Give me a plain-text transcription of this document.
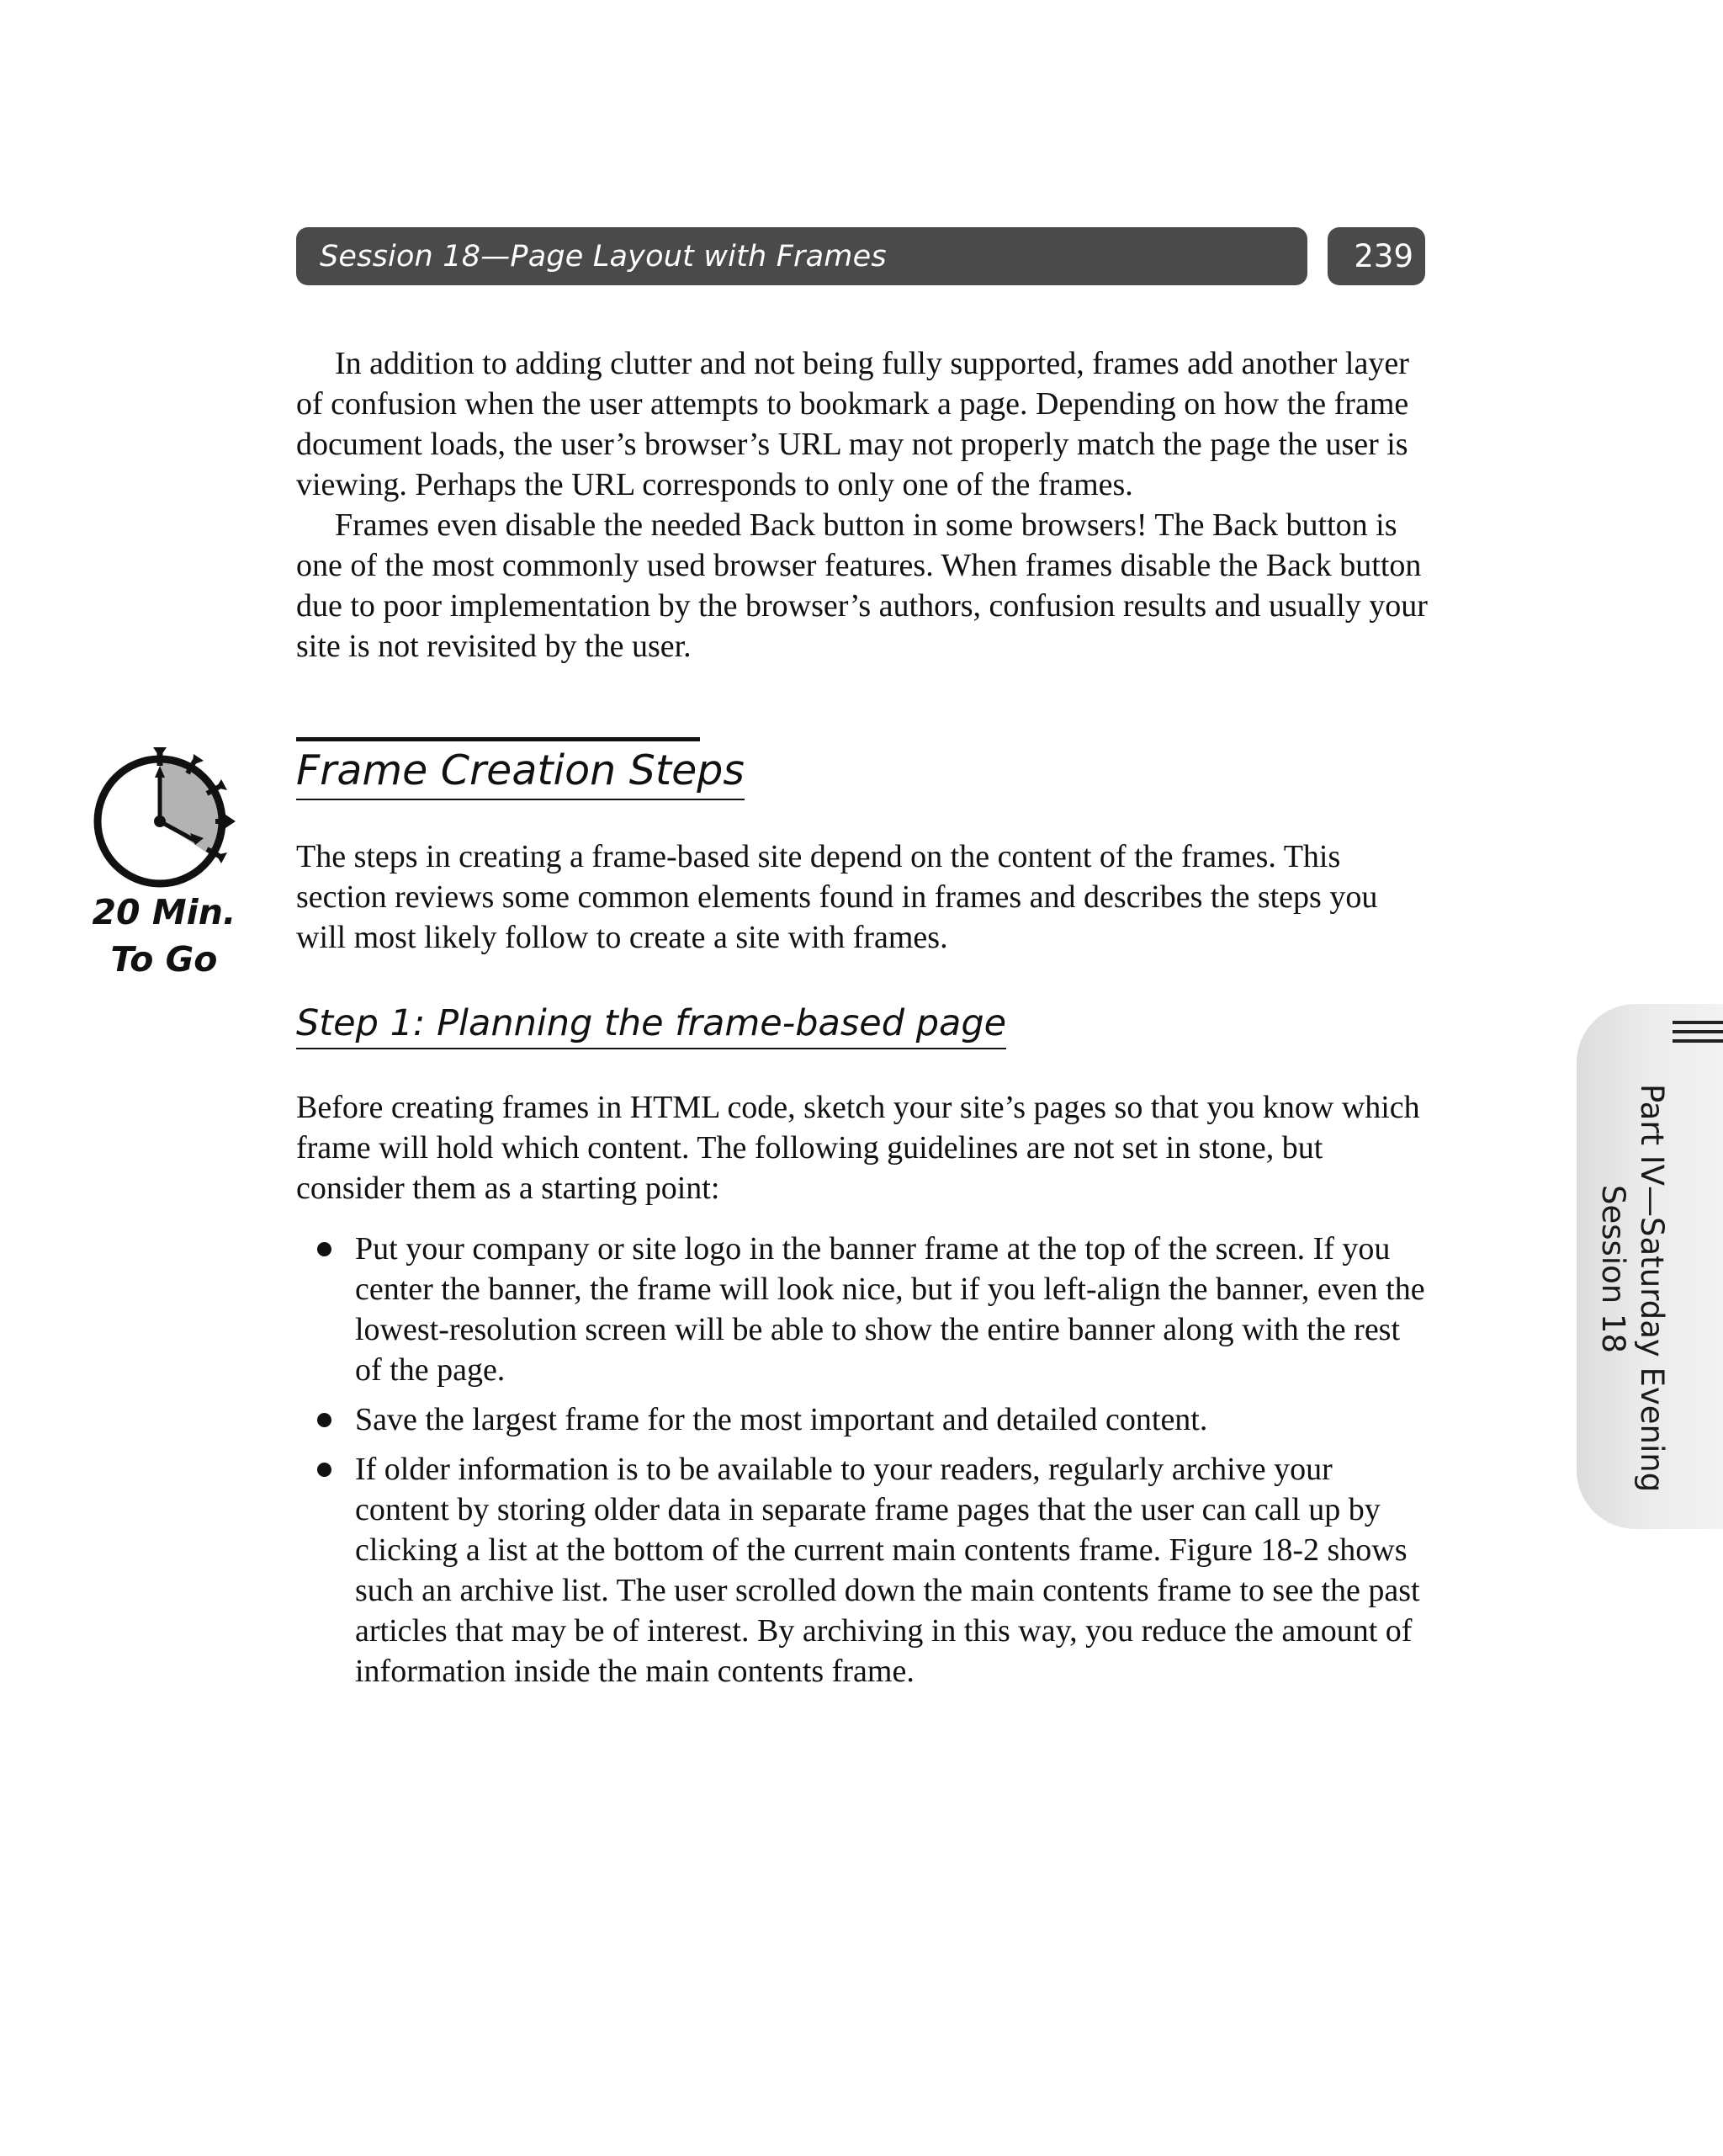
Session 18—Page Layout with Frames	239

In addition to adding clutter and not being fully supported, frames add another layer of confusion when the user attempts to bookmark a page. Depending on how the frame document loads, the user’s browser’s URL may not properly match the page the user is viewing. Perhaps the URL corresponds to only one of the frames.

Frames even disable the needed Back button in some browsers! The Back button is one of the most commonly used browser features. When frames disable the Back button due to poor implementation by the browser’s authors, confusion results and usually your site is not revisited by the user.

20 Min.
To Go
Frame Creation Steps

The steps in creating a frame-based site depend on the content of the frames. This section reviews some common elements found in frames and describes the steps you will most likely follow to create a site with frames.

Step 1: Planning the frame-based page

Before creating frames in HTML code, sketch your site’s pages so that you know which frame will hold which content. The following guidelines are not set in stone, but consider them as a starting point:

Put your company or site logo in the banner frame at the top of the screen. If you center the banner, the frame will look nice, but if you left-align the banner, even the lowest-resolution screen will be able to show the entire banner along with the rest of the page.
Save the largest frame for the most important and detailed content.
If older information is to be available to your readers, regularly archive your content by storing older data in separate frame pages that the user can call up by clicking a list at the bottom of the current main contents frame. Figure 18-2 shows such an archive list. The user scrolled down the main contents frame to see the past articles that may be of interest. By archiving in this way, you reduce the amount of information inside the main contents frame.
Part IV—Saturday Evening
Session 18
